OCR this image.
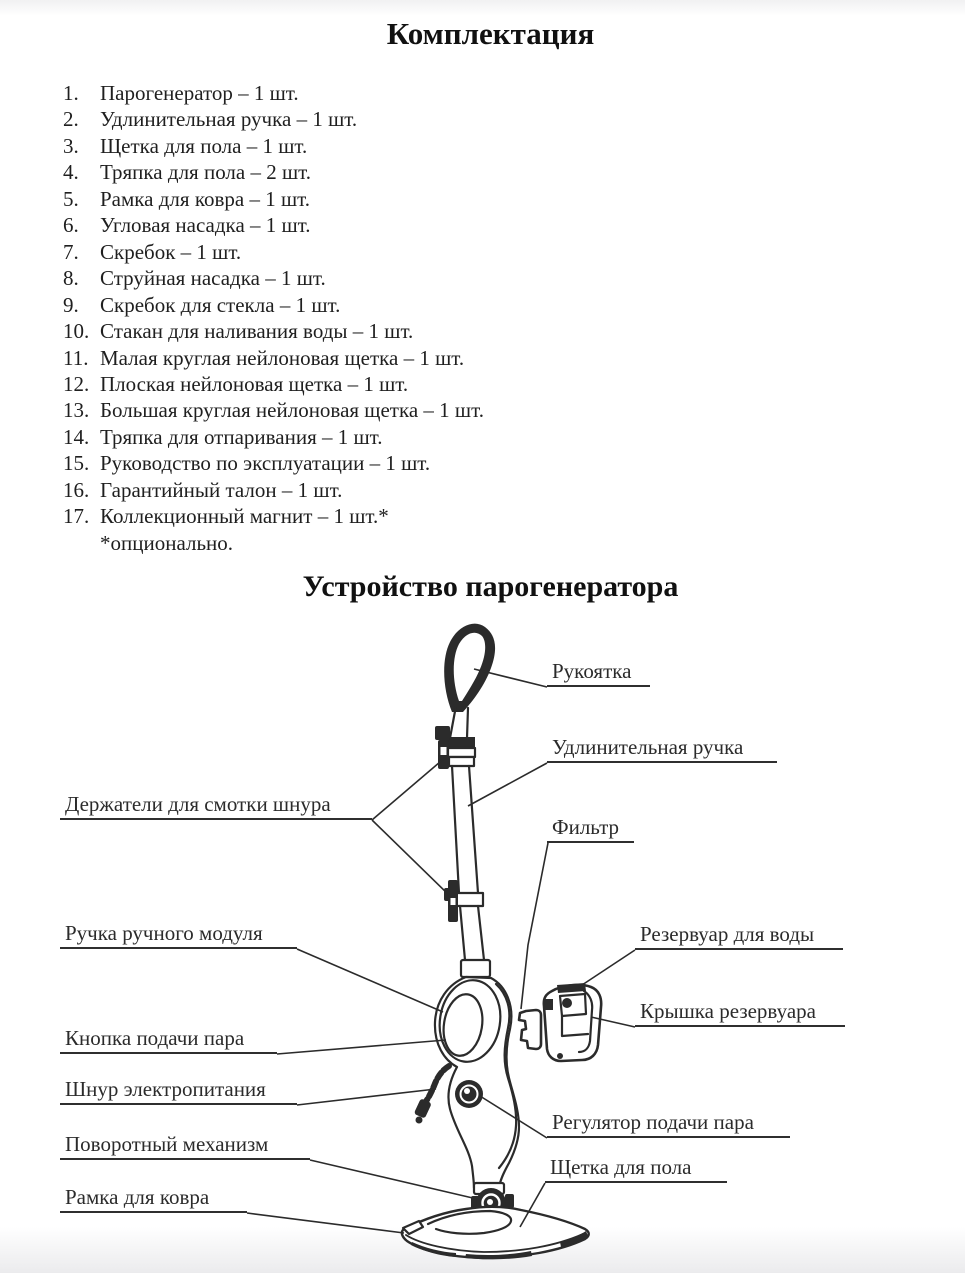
Комплектация
1.	Парогенератор – 1 шт.
2.	Удлинительная ручка – 1 шт.
3.	Щетка для пола – 1 шт.
4.	Тряпка для пола – 2 шт.
5.	Рамка для ковра – 1 шт.
6.	Угловая насадка – 1 шт.
7.	Скребок – 1 шт.
8.	Струйная насадка – 1 шт.
9.	Скребок для стекла – 1 шт.
10. Стакан для наливания воды – 1 шт.
11. Малая круглая нейлоновая щетка – 1 шт.
12. Плоская нейлоновая щетка – 1 шт.
13. Большая круглая нейлоновая щетка – 1 шт.
14. Тряпка для отпаривания – 1 шт.
15. Руководство по эксплуатации – 1 шт.
16. Гарантийный талон – 1 шт.
17. Коллекционный магнит – 1 шт.*
*опционально.
Устройство парогенератора
Рукоятка
Удлинительная ручка
Держатели для смотки шнура
Фильтр
Ручка ручного модуля	Резервуар для воды
Крышка резервуара
Кнопка подачи пара
Шнур электропитания
Регулятор подачи пара
Поворотный механизм
Щетка для пола
Рамка для ковра
